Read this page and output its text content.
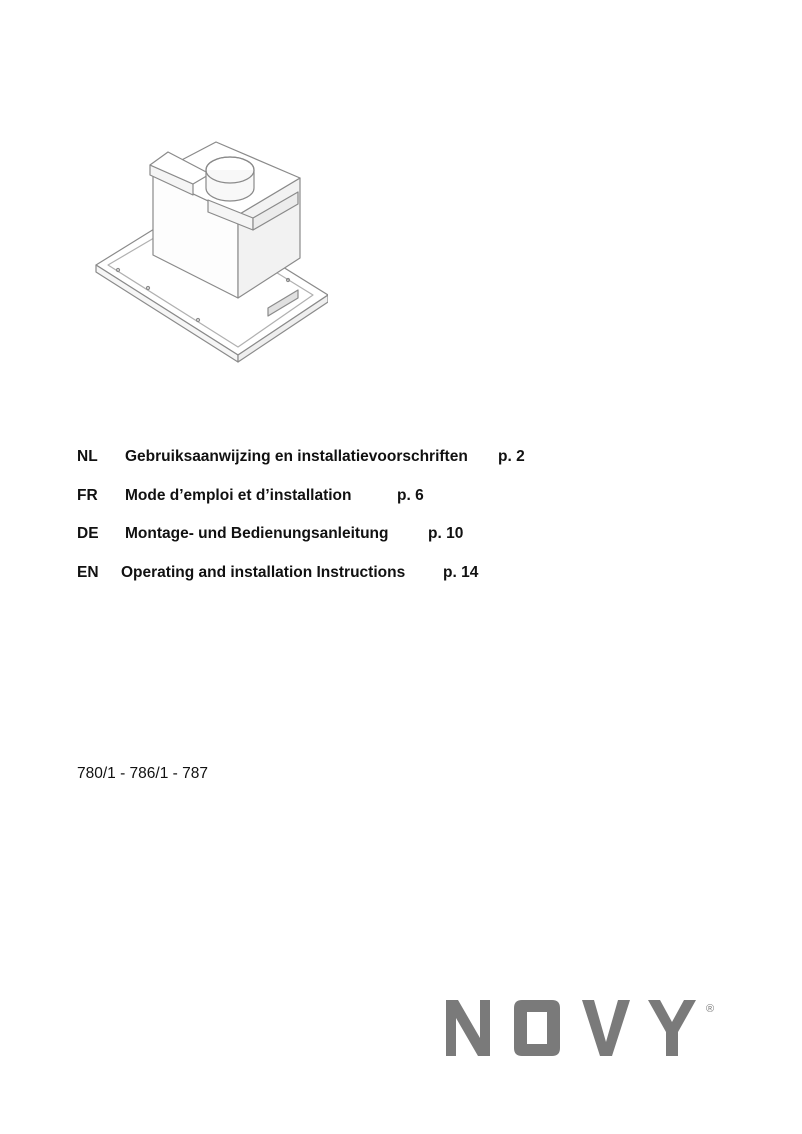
NL Gebruiksaanwijzing en installatievoorschriften p. 2
FR Mode d’emploi et d’installation	p. 6
DE Montage- und Bedienungsanleitung	p. 10
EN Operating and installation Instructions p. 14
780/1 - 786/1 - 787
®
